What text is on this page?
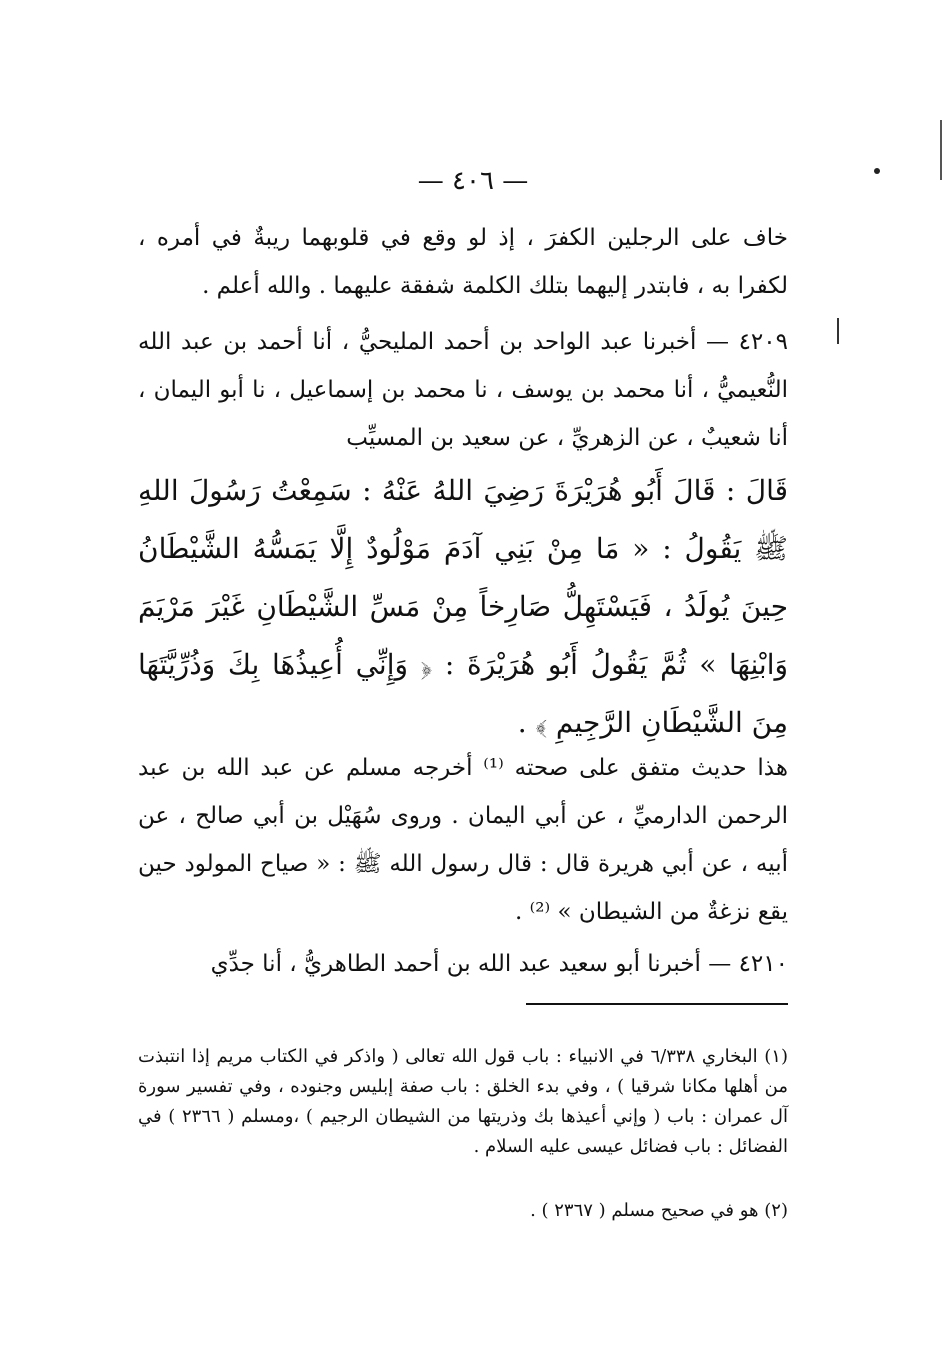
— ٤٠٦ —

خاف على الرجلين الكفرَ ، إذ لو وقع في قلوبهما ريبةٌ في أمره ، لكفرا به ، فابتدر إليهما بتلك الكلمة شفقة عليهما . والله أعلم .

٤٢٠٩ — أخبرنا عبد الواحد بن أحمد المليحيُّ ، أنا أحمد بن عبد الله النُّعيميُّ ، أنا محمد بن يوسف ، نا محمد بن إسماعيل ، نا أبو اليمان ، أنا شعيبٌ ، عن الزهريِّ ، عن سعيد بن المسيِّب

قَالَ : قَالَ أَبُو هُرَيْرَةَ رَضِيَ اللهُ عَنْهُ : سَمِعْتُ رَسُولَ اللهِ ﷺ يَقُولُ : « مَا مِنْ بَنِي آدَمَ مَوْلُودٌ إِلَّا يَمَسُّهُ الشَّيْطَانُ حِينَ يُولَدُ ، فَيَسْتَهِلُّ صَارِخاً مِنْ مَسِّ الشَّيْطَانِ غَيْرَ مَرْيَمَ وَابْنِهَا » ثُمَّ يَقُولُ أَبُو هُرَيْرَةَ : ﴿ وَإِنِّي أُعِيذُهَا بِكَ وَذُرِّيَّتَهَا مِنَ الشَّيْطَانِ الرَّجِيمِ ﴾ .

هذا حديث متفق على صحته ⁽¹⁾ أخرجه مسلم عن عبد الله بن عبد الرحمن الدارميِّ ، عن أبي اليمان . وروى سُهَيْل بن أبي صالح ، عن أبيه ، عن أبي هريرة قال : قال رسول الله ﷺ : « صياح المولود حين يقع نزغةٌ من الشيطان » ⁽²⁾ .

٤٢١٠ — أخبرنا أبو سعيد عبد الله بن أحمد الطاهريُّ ، أنا جدِّي

(١) البخاري ٦/٣٣٨ في الانبياء : باب قول الله تعالى ( واذكر في الكتاب مريم إذا انتبذت من أهلها مكانا شرقيا ) ، وفي بدء الخلق : باب صفة إبليس وجنوده ، وفي تفسير سورة آل عمران : باب ( وإني أعيذها بك وذريتها من الشيطان الرجيم ) ،ومسلم ( ٢٣٦٦ ) في الفضائل : باب فضائل عيسى عليه السلام .

(٢) هو في صحيح مسلم ( ٢٣٦٧ ) .
